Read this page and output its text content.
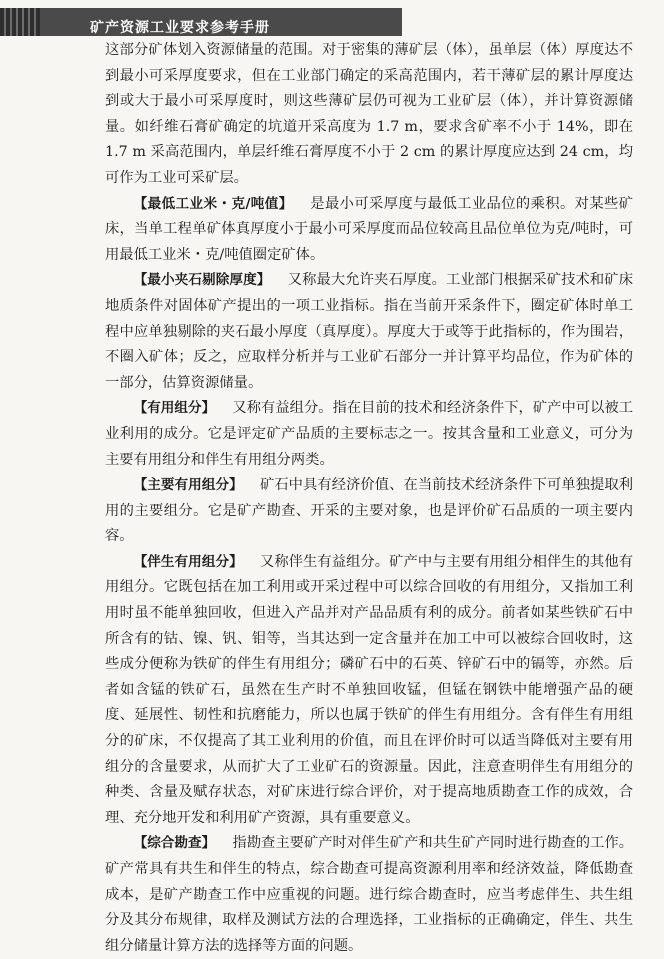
矿产资源工业要求参考手册

这部分矿体划入资源储量的范围。对于密集的薄矿层（体），虽单层（体）厚度达不到最小可采厚度要求，但在工业部门确定的采高范围内，若干薄矿层的累计厚度达到或大于最小可采厚度时，则这些薄矿层仍可视为工业矿层（体），并计算资源储量。如纤维石膏矿确定的坑道开采高度为 1.7 m，要求含矿率不小于 14%，即在 1.7 m 采高范围内，单层纤维石膏厚度不小于 2 cm 的累计厚度应达到 24 cm，均可作为工业可采矿层。

【最低工业米・克/吨值】 是最小可采厚度与最低工业品位的乘积。对某些矿床，当单工程单矿体真厚度小于最小可采厚度而品位较高且品位单位为克/吨时，可用最低工业米・克/吨值圈定矿体。

【最小夹石剔除厚度】 又称最大允许夹石厚度。工业部门根据采矿技术和矿床地质条件对固体矿产提出的一项工业指标。指在当前开采条件下，圈定矿体时单工程中应单独剔除的夹石最小厚度（真厚度）。厚度大于或等于此指标的，作为围岩，不圈入矿体；反之，应取样分析并与工业矿石部分一并计算平均品位，作为矿体的一部分，估算资源储量。

【有用组分】 又称有益组分。指在目前的技术和经济条件下，矿产中可以被工业利用的成分。它是评定矿产品质的主要标志之一。按其含量和工业意义，可分为主要有用组分和伴生有用组分两类。

【主要有用组分】 矿石中具有经济价值、在当前技术经济条件下可单独提取利用的主要组分。它是矿产勘查、开采的主要对象，也是评价矿石品质的一项主要内容。

【伴生有用组分】 又称伴生有益组分。矿产中与主要有用组分相伴生的其他有用组分。它既包括在加工利用或开采过程中可以综合回收的有用组分，又指加工利用时虽不能单独回收，但进入产品并对产品品质有利的成分。前者如某些铁矿石中所含有的钴、镍、钒、钼等，当其达到一定含量并在加工中可以被综合回收时，这些成分便称为铁矿的伴生有用组分；磷矿石中的石英、锌矿石中的镉等，亦然。后者如含锰的铁矿石，虽然在生产时不单独回收锰，但锰在钢铁中能增强产品的硬度、延展性、韧性和抗磨能力，所以也属于铁矿的伴生有用组分。含有伴生有用组分的矿床，不仅提高了其工业利用的价值，而且在评价时可以适当降低对主要有用组分的含量要求，从而扩大了工业矿石的资源量。因此，注意查明伴生有用组分的种类、含量及赋存状态，对矿床进行综合评价，对于提高地质勘查工作的成效，合理、充分地开发和利用矿产资源，具有重要意义。

【综合勘查】 指勘查主要矿产时对伴生矿产和共生矿产同时进行勘查的工作。矿产常具有共生和伴生的特点，综合勘查可提高资源利用率和经济效益，降低勘查成本，是矿产勘查工作中应重视的问题。进行综合勘查时，应当考虑伴生、共生组分及其分布规律，取样及测试方法的合理选择，工业指标的正确确定，伴生、共生组分储量计算方法的选择等方面的问题。
